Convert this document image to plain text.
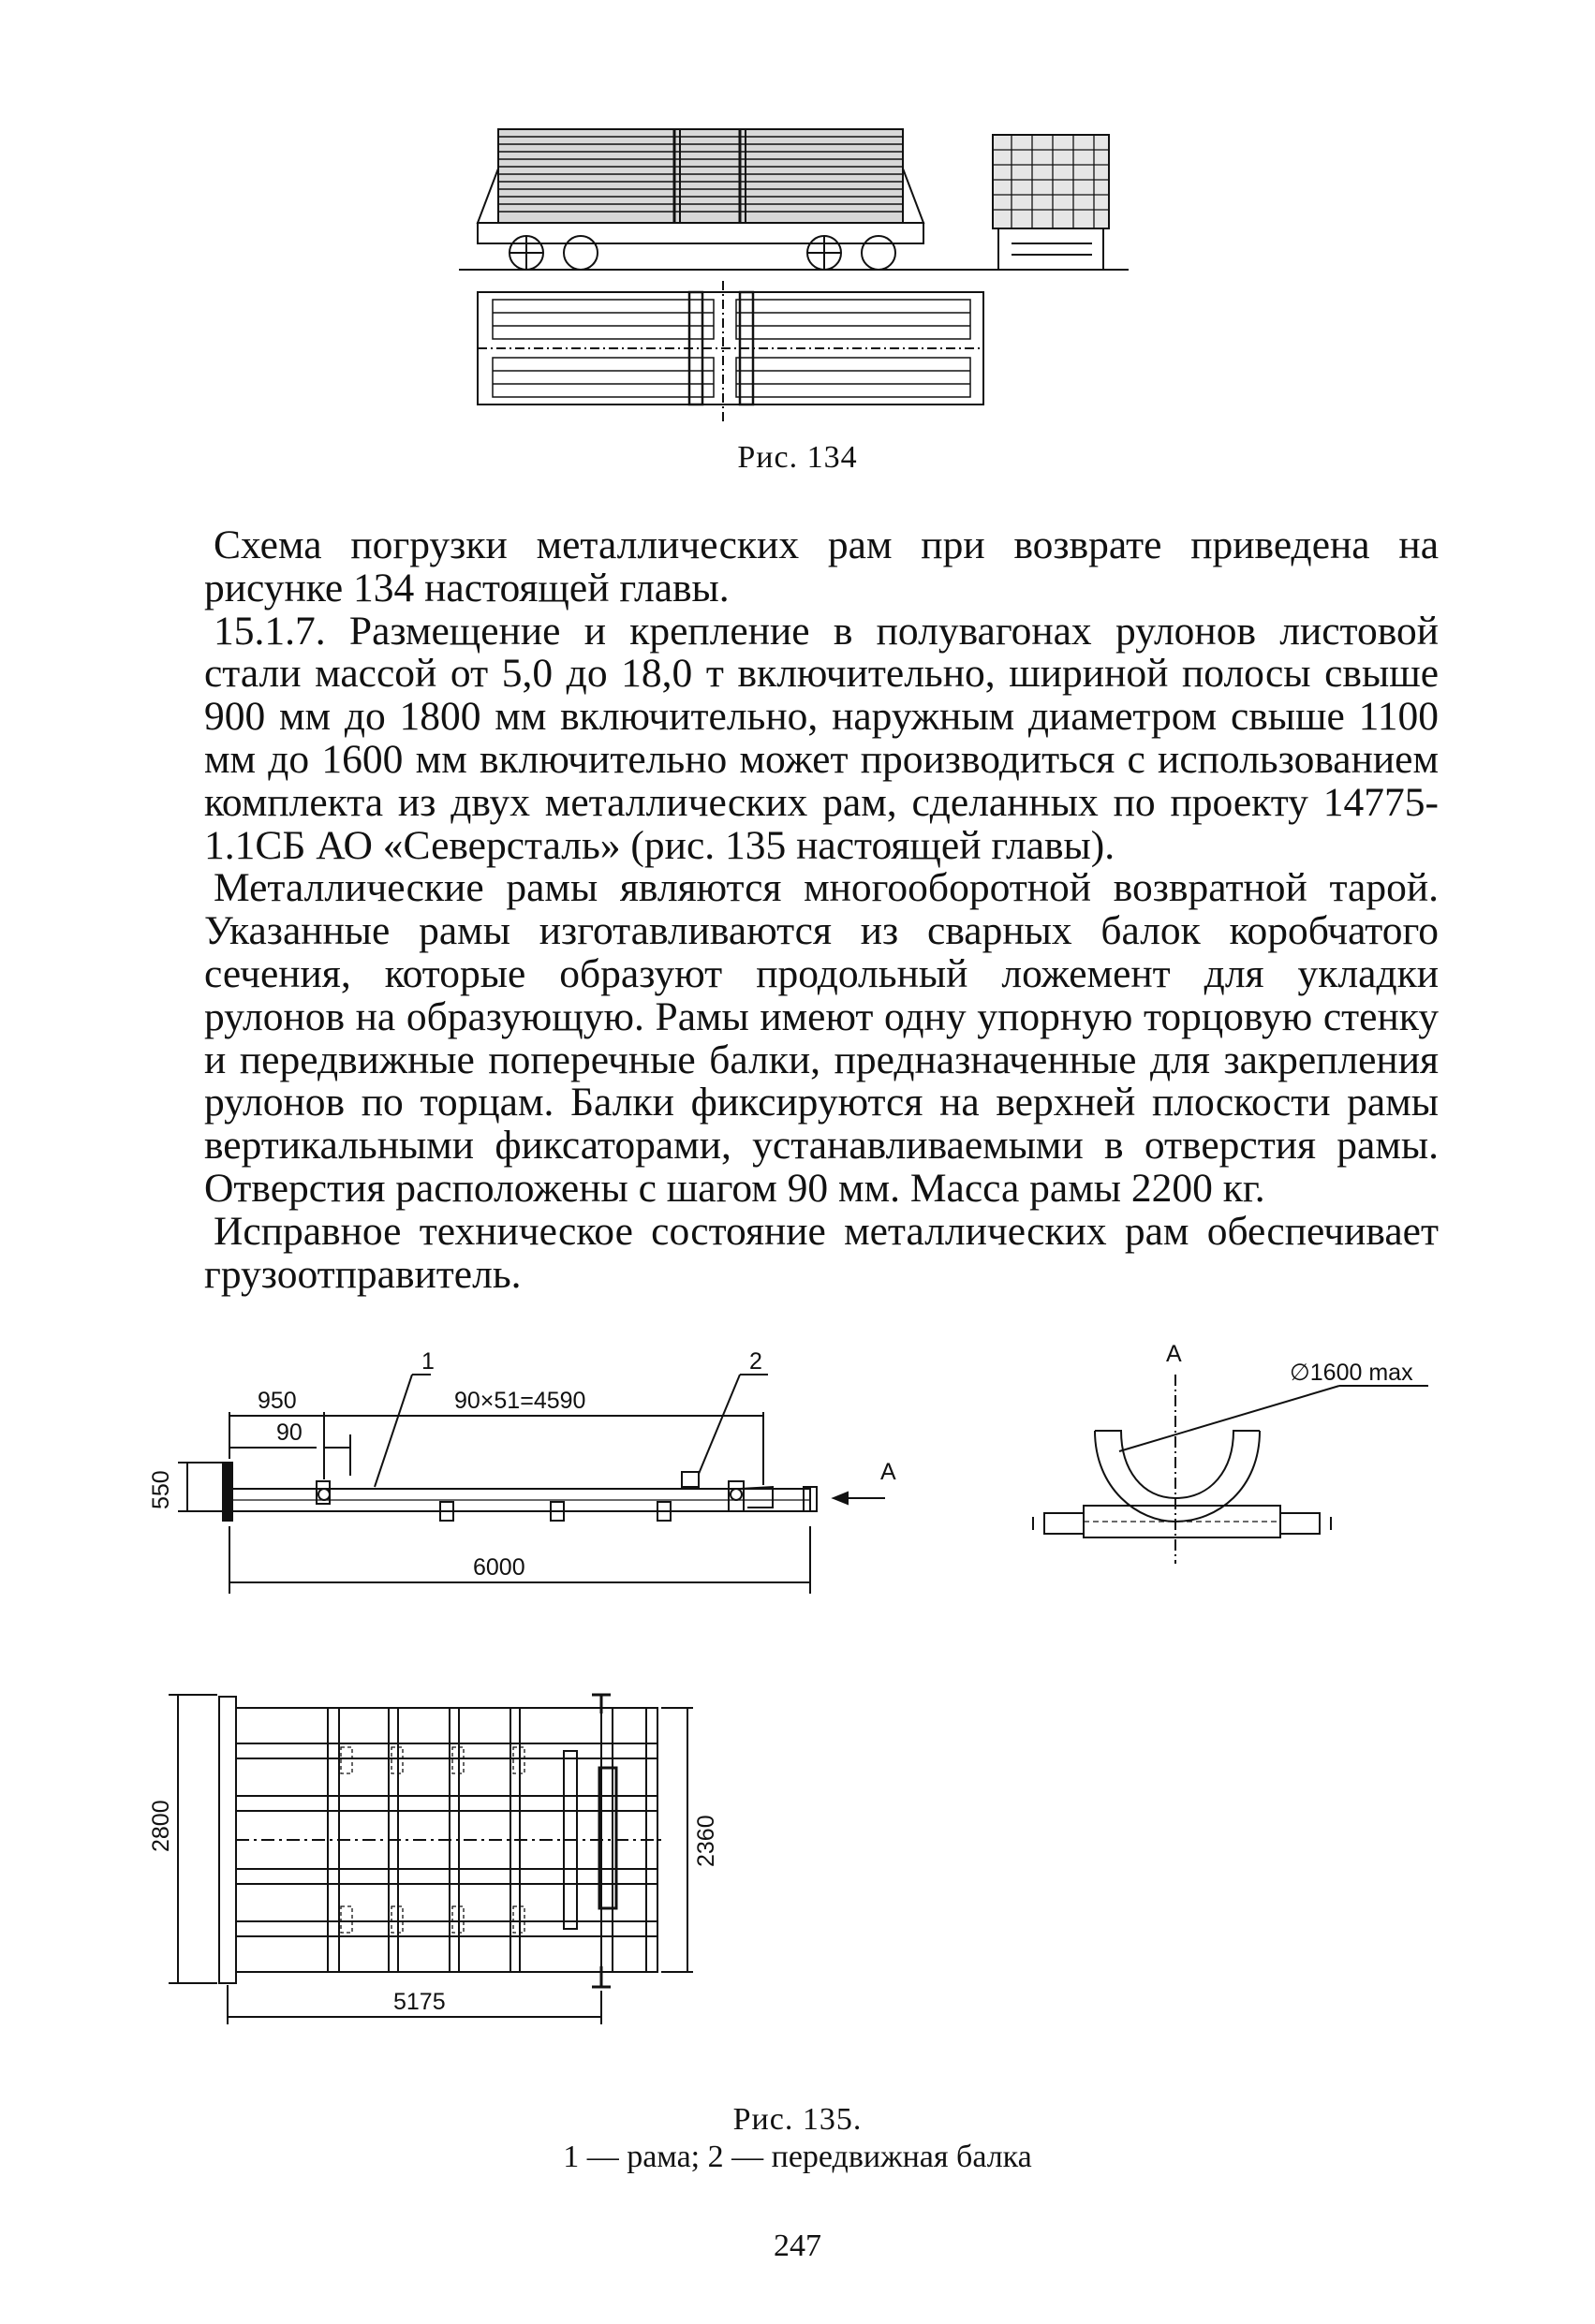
Рис. 134

Схема погрузки металлических рам при возврате приведена на рисунке 134 настоящей главы.

15.1.7. Размещение и крепление в полувагонах рулонов листовой стали массой от 5,0 до 18,0 т включительно, шириной полосы свыше 900 мм до 1800 мм включительно, наружным диаметром свыше 1100 мм до 1600 мм включительно может производиться с использованием комплекта из двух металлических рам, сделанных по проекту 14775-1.1СБ АО «Северсталь» (рис. 135 настоящей главы).

Металлические рамы являются многооборотной возвратной тарой. Указанные рамы изготавливаются из сварных балок коробчатого сечения, которые образуют продольный ложемент для укладки рулонов на образующую. Рамы имеют одну упорную торцовую стенку и передвижные поперечные балки, предназначенные для закрепления рулонов по торцам. Балки фиксируются на верхней плоскости рамы вертикальными фиксаторами, устанавливаемыми в отверстия рамы. Отверстия расположены с шагом 90 мм. Масса рамы 2200 кг.

Исправное техническое состояние металлических рам обеспечивает грузоотправитель.

1	2
950	90×51=4590
90
А
550
6000
А
∅1600 max
2800	2360
5175

Рис. 135.

1 — рама; 2 — передвижная балка

247
